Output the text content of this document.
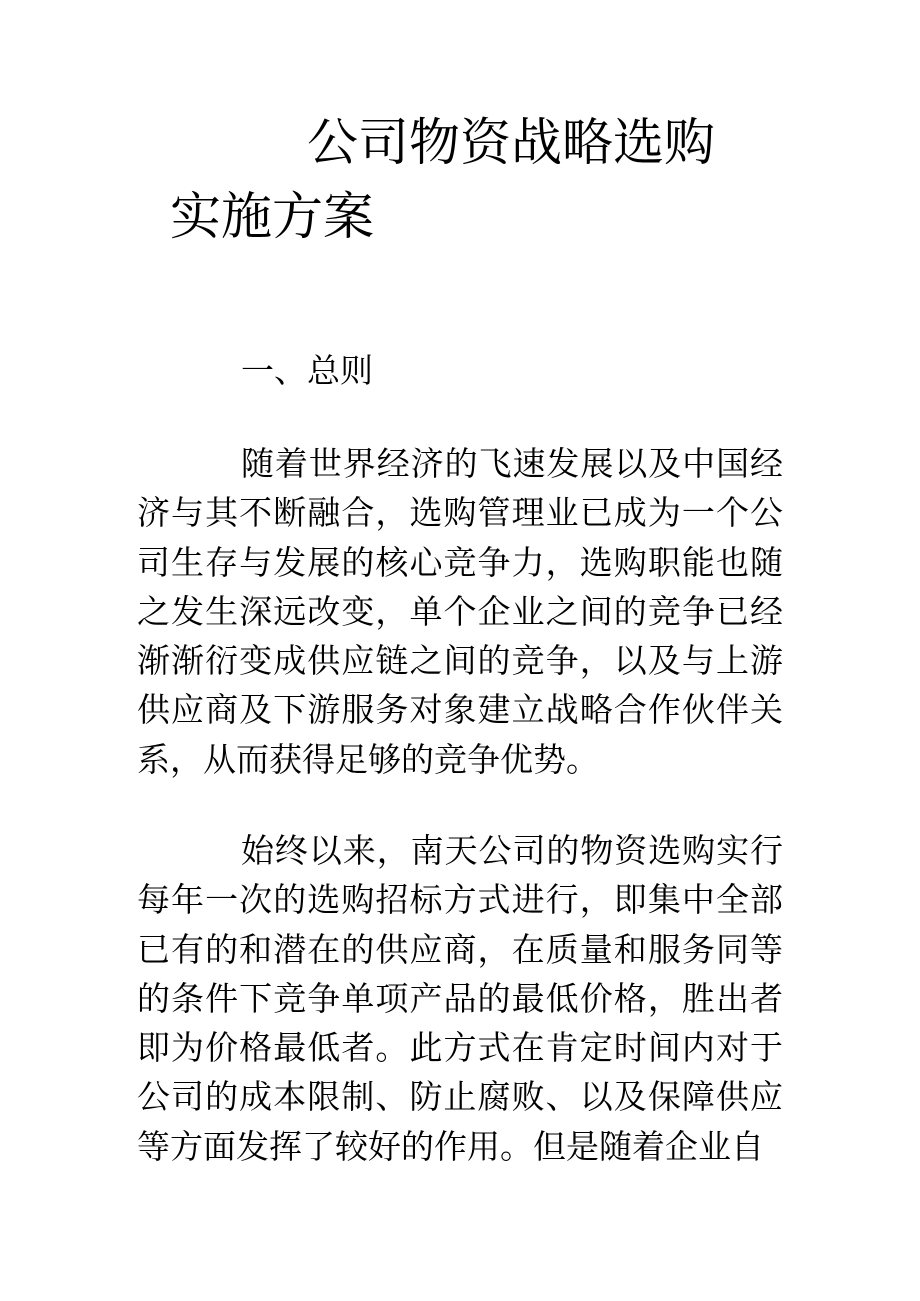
公司物资战略选购
实施方案
一、总则
随着世界经济的飞速发展以及中国经济与其不断融合，选购管理业已成为一个公司生存与发展的核心竞争力，选购职能也随之发生深远改变，单个企业之间的竞争已经渐渐衍变成供应链之间的竞争，以及与上游供应商及下游服务对象建立战略合作伙伴关系，从而获得足够的竞争优势。
始终以来，南天公司的物资选购实行每年一次的选购招标方式进行，即集中全部已有的和潜在的供应商，在质量和服务同等的条件下竞争单项产品的最低价格，胜出者即为价格最低者。此方式在肯定时间内对于公司的成本限制、防止腐败、以及保障供应等方面发挥了较好的作用。但是随着企业自
